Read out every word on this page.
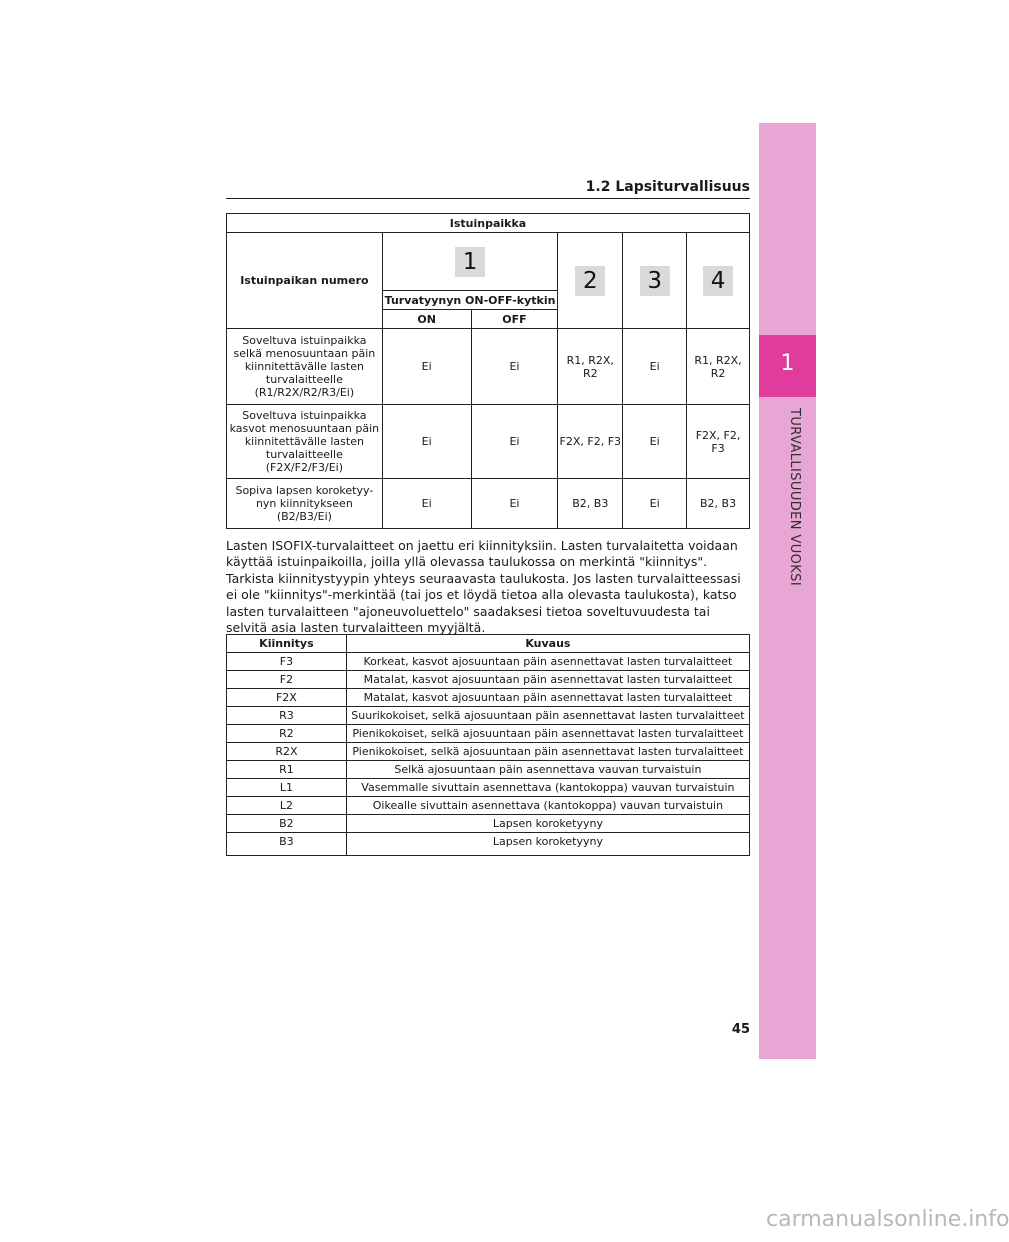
1.2 Lapsiturvallisuus
1
TURVALLISUUDEN VUOKSI
Istuinpaikka					
Istuinpaikan numero	1		2	3	4
	Turvatyynyn ON-OFF-kytkin				
	ON	OFF			
Soveltuva istuinpaikka selkä menosuuntaan päin kiinnitettävälle lasten turvalaitteelle (R1/R2X/R2/R3/Ei)	Ei	Ei	R1, R2X, R2	Ei	R1, R2X, R2
Soveltuva istuinpaikka kasvot menosuuntaan päin kiinnitettävälle lasten turvalaitteelle (F2X/F2/F3/Ei)	Ei	Ei	F2X, F2, F3	Ei	F2X, F2, F3
Sopiva lapsen koroketyy-nyn kiinnitykseen (B2/B3/Ei)	Ei	Ei	B2, B3	Ei	B2, B3
Lasten ISOFIX-turvalaitteet on jaettu eri kiinnityksiin. Lasten turvalaitetta voidaan käyttää istuinpaikoilla, joilla yllä olevassa taulukossa on merkintä "kiinnitys". Tarkista kiinnitystyypin yhteys seuraavasta taulukosta. Jos lasten turvalaitteessasi ei ole "kiinnitys"-merkintää (tai jos et löydä tietoa alla olevasta taulukosta), katso lasten turvalaitteen "ajoneuvoluettelo" saadaksesi tietoa soveltuvuudesta tai selvitä asia lasten turvalaitteen myyjältä.
Kiinnitys	Kuvaus
F3	Korkeat, kasvot ajosuuntaan päin asennettavat lasten turvalaitteet
F2	Matalat, kasvot ajosuuntaan päin asennettavat lasten turvalaitteet
F2X	Matalat, kasvot ajosuuntaan päin asennettavat lasten turvalaitteet
R3	Suurikokoiset, selkä ajosuuntaan päin asennettavat lasten turvalaitteet
R2	Pienikokoiset, selkä ajosuuntaan päin asennettavat lasten turvalaitteet
R2X	Pienikokoiset, selkä ajosuuntaan päin asennettavat lasten turvalaitteet
R1	Selkä ajosuuntaan päin asennettava vauvan turvaistuin
L1	Vasemmalle sivuttain asennettava (kantokoppa) vauvan turvaistuin
L2	Oikealle sivuttain asennettava (kantokoppa) vauvan turvaistuin
B2	Lapsen koroketyyny
B3	Lapsen koroketyyny
45
carmanualsonline.info
